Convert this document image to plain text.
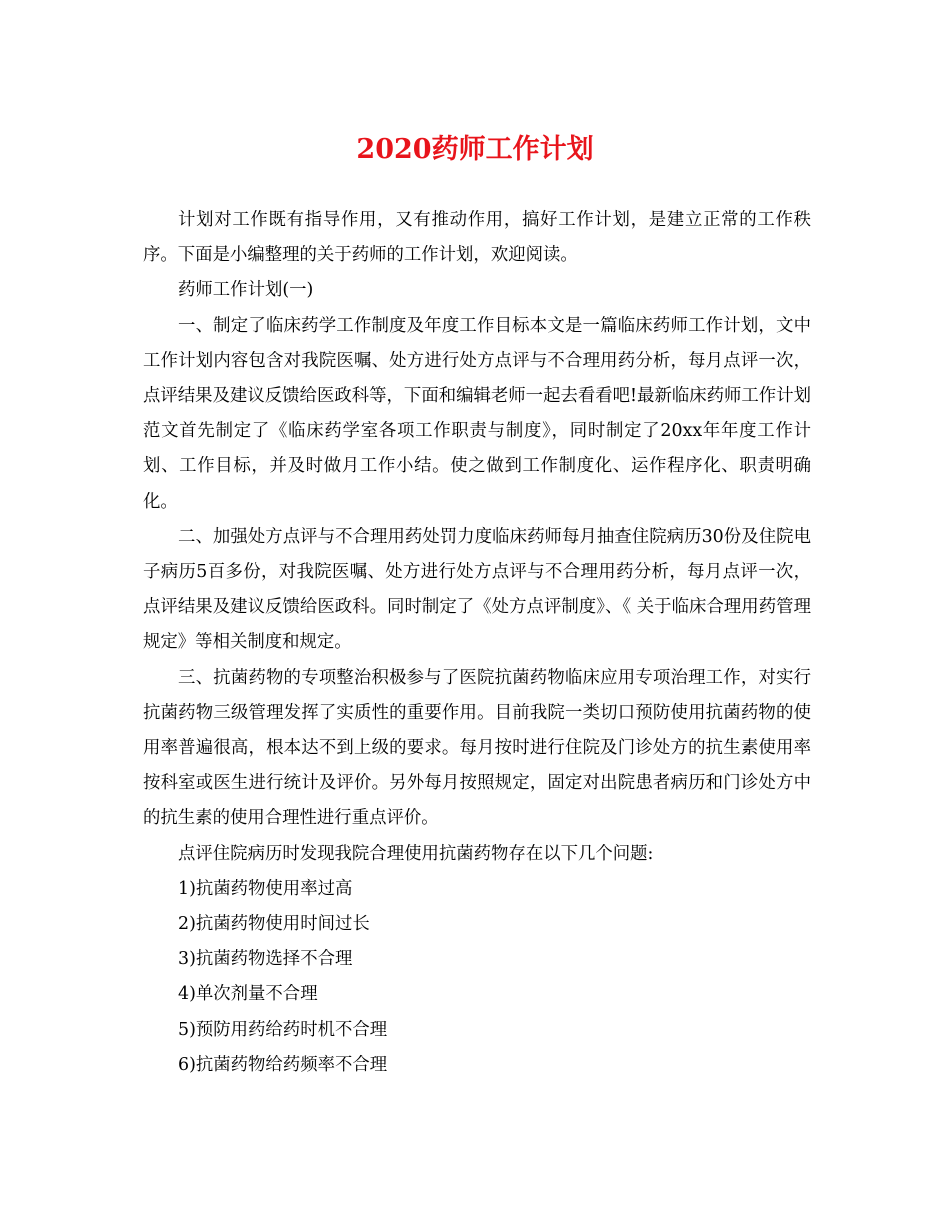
2020药师工作计划

计划对工作既有指导作用，又有推动作用，搞好工作计划，是建立正常的工作秩序。下面是小编整理的关于药师的工作计划，欢迎阅读。

药师工作计划(一)

一、制定了临床药学工作制度及年度工作目标本文是一篇临床药师工作计划，文中工作计划内容包含对我院医嘱、处方进行处方点评与不合理用药分析，每月点评一次，点评结果及建议反馈给医政科等，下面和编辑老师一起去看看吧!最新临床药师工作计划范文首先制定了《临床药学室各项工作职责与制度》，同时制定了20xx年年度工作计划、工作目标，并及时做月工作小结。使之做到工作制度化、运作程序化、职责明确化。

二、加强处方点评与不合理用药处罚力度临床药师每月抽查住院病历30份及住院电子病历5百多份，对我院医嘱、处方进行处方点评与不合理用药分析，每月点评一次，点评结果及建议反馈给医政科。同时制定了《处方点评制度》、《 关于临床合理用药管理规定》等相关制度和规定。

三、抗菌药物的专项整治积极参与了医院抗菌药物临床应用专项治理工作，对实行抗菌药物三级管理发挥了实质性的重要作用。目前我院一类切口预防使用抗菌药物的使用率普遍很高，根本达不到上级的要求。每月按时进行住院及门诊处方的抗生素使用率按科室或医生进行统计及评价。另外每月按照规定，固定对出院患者病历和门诊处方中的抗生素的使用合理性进行重点评价。

点评住院病历时发现我院合理使用抗菌药物存在以下几个问题:

1)抗菌药物使用率过高

2)抗菌药物使用时间过长

3)抗菌药物选择不合理

4)单次剂量不合理

5)预防用药给药时机不合理

6)抗菌药物给药频率不合理
